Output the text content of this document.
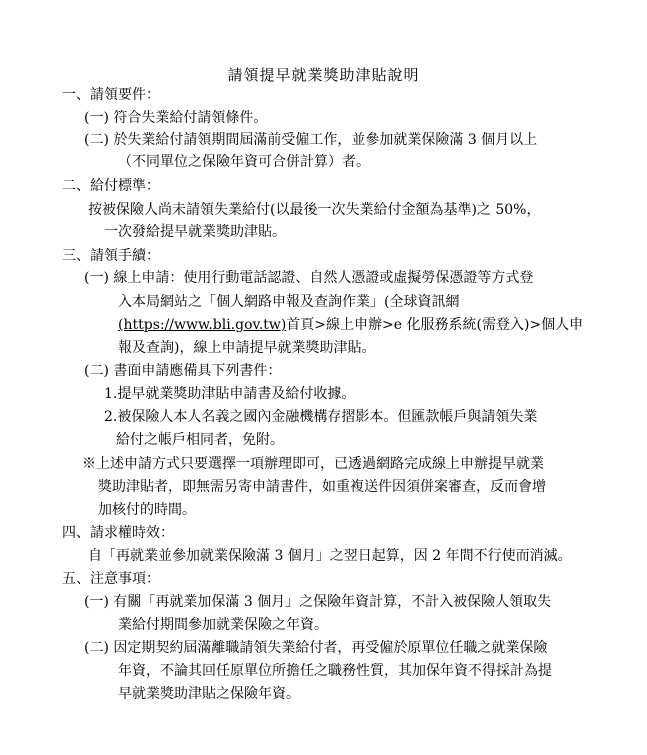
請領提早就業獎助津貼說明
一、請領要件：
(一) 符合失業給付請領條件。
(二) 於失業給付請領期間屆滿前受僱工作，並參加就業保險滿 3 個月以上
（不同單位之保險年資可合併計算）者。
二、給付標準：
按被保險人尚未請領失業給付(以最後一次失業給付金額為基準)之 50%，
一次發給提早就業獎助津貼。
三、請領手續：
(一) 線上申請：使用行動電話認證、自然人憑證或虛擬勞保憑證等方式登
入本局網站之「個人網路申報及查詢作業」(全球資訊網
(https://www.bli.gov.tw)首頁>線上申辦>e 化服務系統(需登入)>個人申
報及查詢)，線上申請提早就業獎助津貼。
(二) 書面申請應備具下列書件：
1.提早就業獎助津貼申請書及給付收據。
2.被保險人本人名義之國內金融機構存摺影本。但匯款帳戶與請領失業
給付之帳戶相同者，免附。
※上述申請方式只要選擇一項辦理即可，已透過網路完成線上申辦提早就業
獎助津貼者，即無需另寄申請書件，如重複送件因須併案審查，反而會增
加核付的時間。
四、請求權時效：
自「再就業並參加就業保險滿 3 個月」之翌日起算，因 2 年間不行使而消滅。
五、注意事項：
(一) 有關「再就業加保滿 3 個月」之保險年資計算，不計入被保險人領取失
業給付期間參加就業保險之年資。
(二) 因定期契約屆滿離職請領失業給付者，再受僱於原單位任職之就業保險
年資，不論其回任原單位所擔任之職務性質，其加保年資不得採計為提
早就業獎助津貼之保險年資。
